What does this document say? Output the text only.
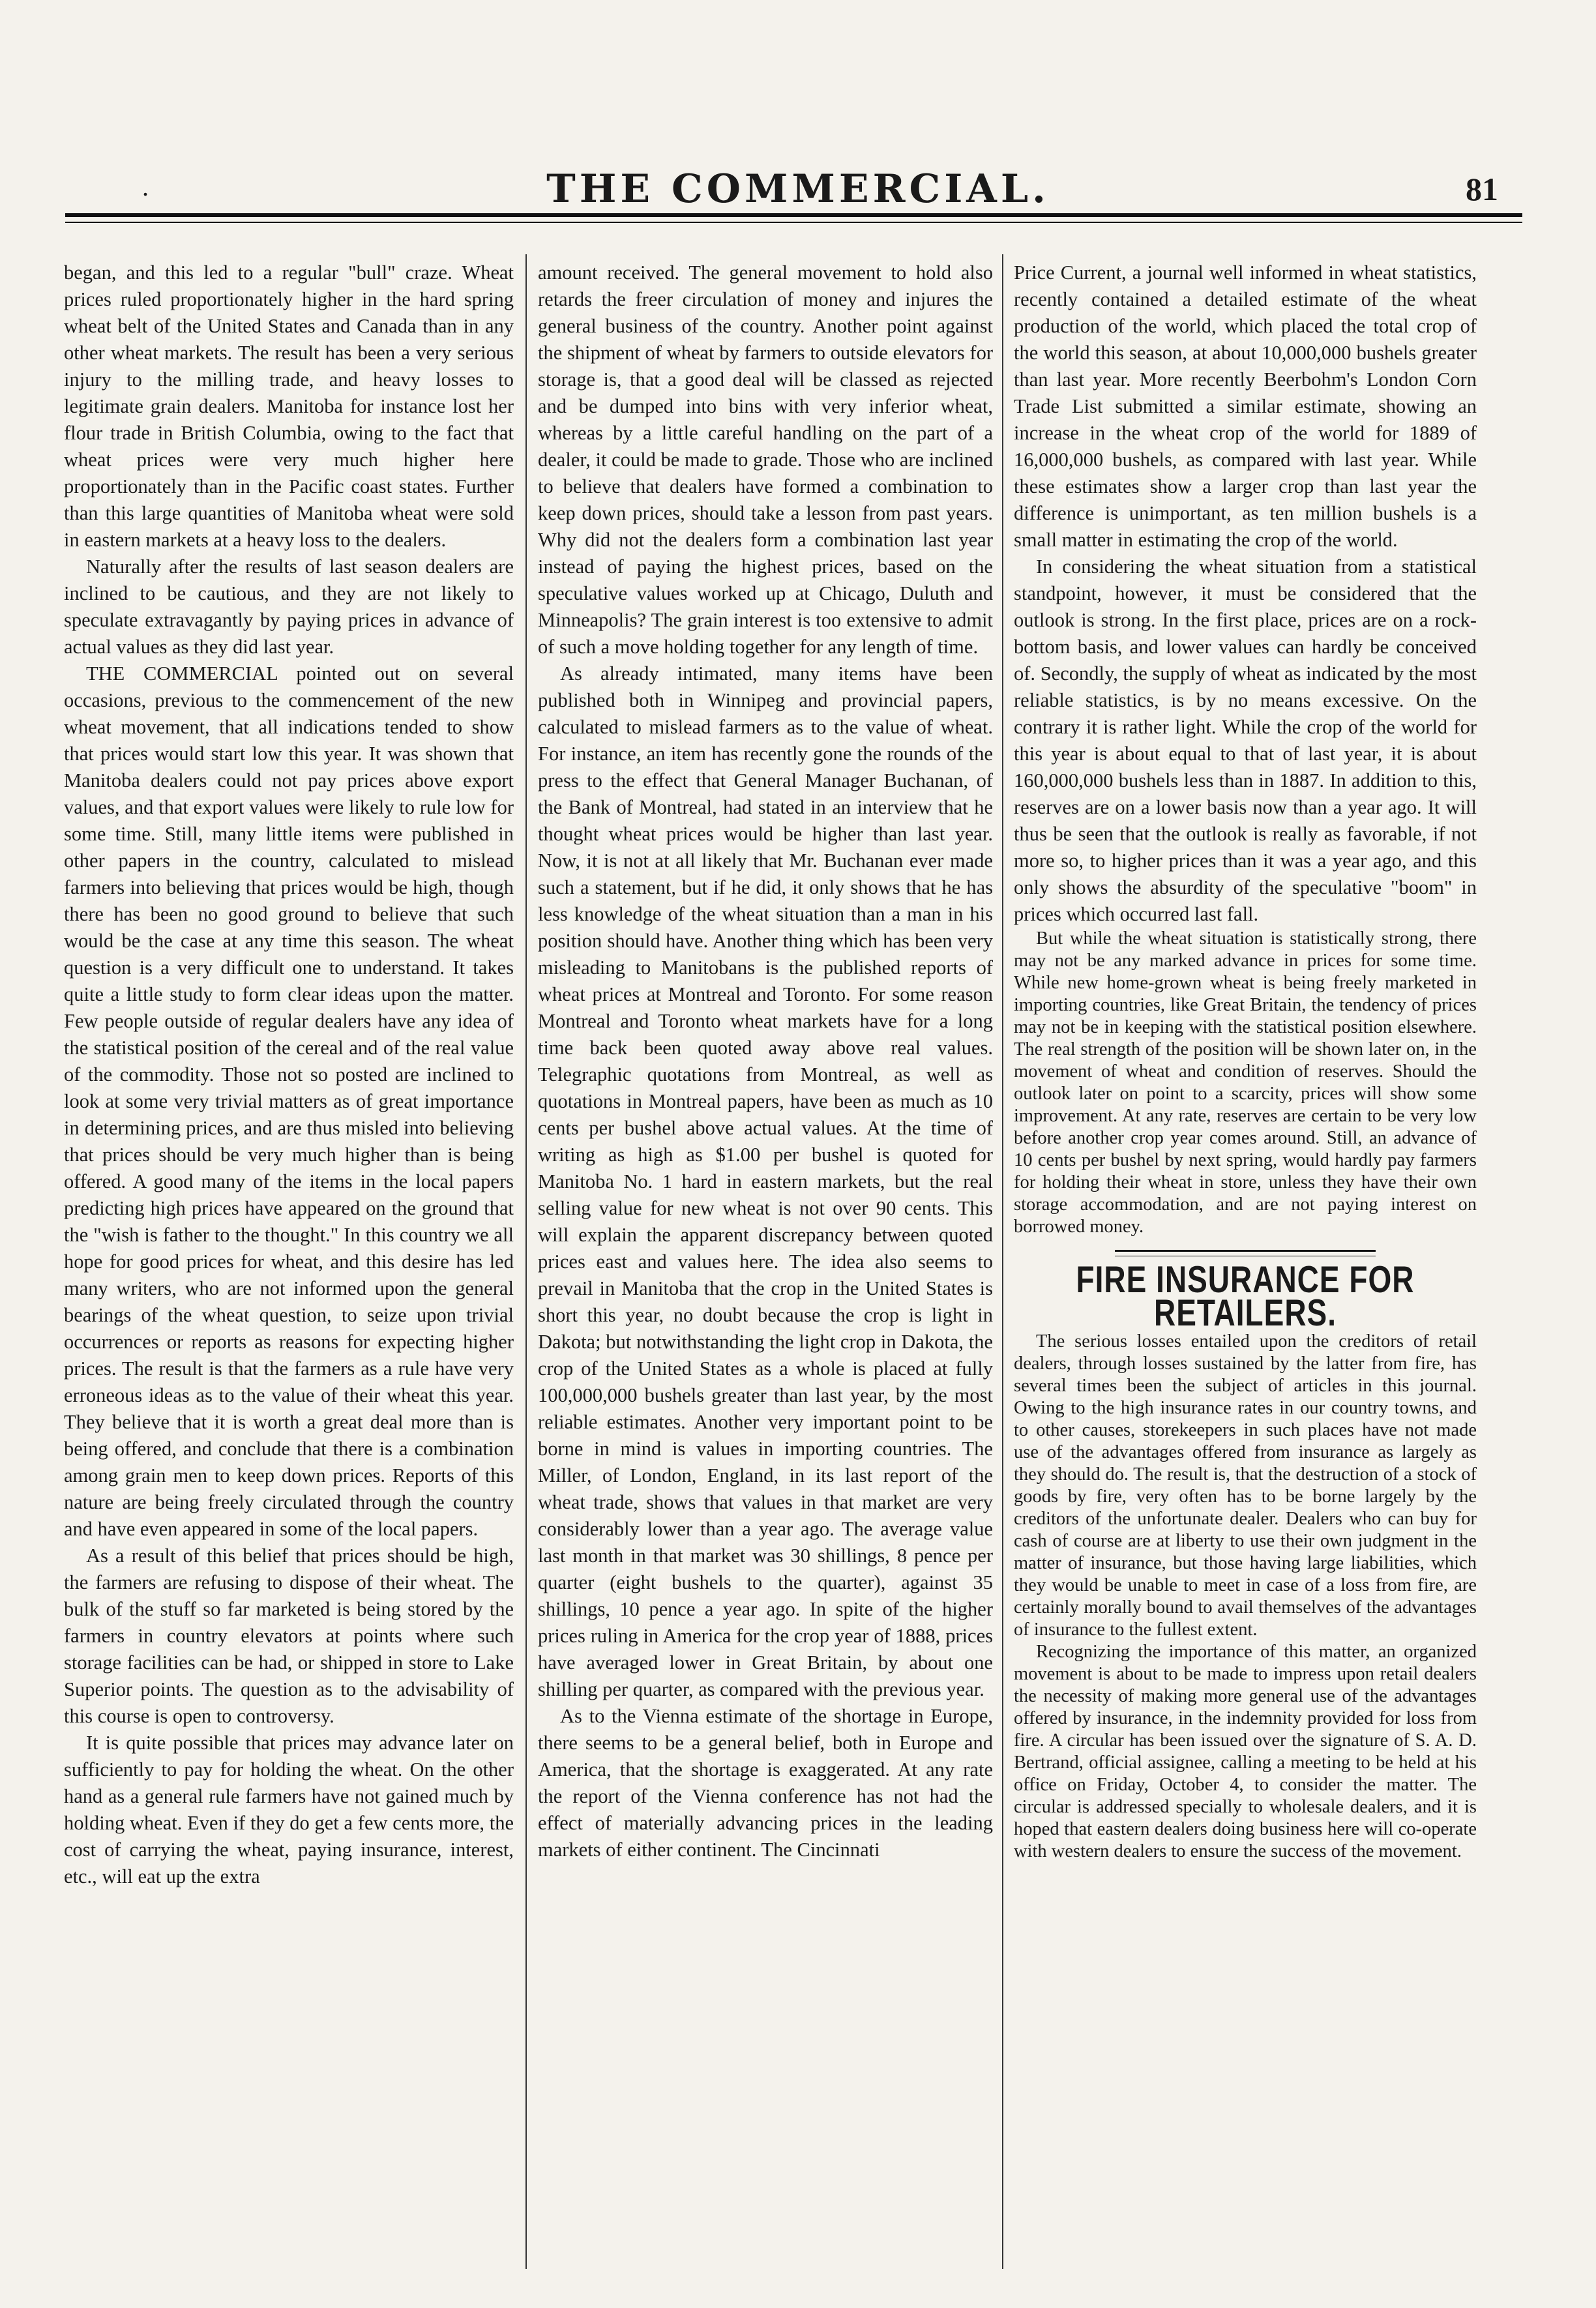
.	THE COMMERCIAL.	81

began, and this led to a regular "bull" craze. Wheat prices ruled proportionately higher in the hard spring wheat belt of the United States and Canada than in any other wheat markets. The result has been a very serious injury to the milling trade, and heavy losses to legitimate grain dealers. Manitoba for instance lost her flour trade in British Columbia, owing to the fact that wheat prices were very much higher here proportionately than in the Pacific coast states. Further than this large quantities of Manitoba wheat were sold in eastern markets at a heavy loss to the dealers.

Naturally after the results of last season dealers are inclined to be cautious, and they are not likely to speculate extravagantly by paying prices in advance of actual values as they did last year.

THE COMMERCIAL pointed out on several occasions, previous to the commencement of the new wheat movement, that all indications tended to show that prices would start low this year. It was shown that Manitoba dealers could not pay prices above export values, and that export values were likely to rule low for some time. Still, many little items were published in other papers in the country, calculated to mislead farmers into believing that prices would be high, though there has been no good ground to believe that such would be the case at any time this season. The wheat question is a very difficult one to understand. It takes quite a little study to form clear ideas upon the matter. Few people outside of regular dealers have any idea of the statistical position of the cereal and of the real value of the commodity. Those not so posted are inclined to look at some very trivial matters as of great importance in determining prices, and are thus misled into believing that prices should be very much higher than is being offered. A good many of the items in the local papers predicting high prices have appeared on the ground that the "wish is father to the thought." In this country we all hope for good prices for wheat, and this desire has led many writers, who are not informed upon the general bearings of the wheat question, to seize upon trivial occurrences or reports as reasons for expecting higher prices. The result is that the farmers as a rule have very erroneous ideas as to the value of their wheat this year. They believe that it is worth a great deal more than is being offered, and conclude that there is a combination among grain men to keep down prices. Reports of this nature are being freely circulated through the country and have even appeared in some of the local papers.

As a result of this belief that prices should be high, the farmers are refusing to dispose of their wheat. The bulk of the stuff so far marketed is being stored by the farmers in country elevators at points where such storage facilities can be had, or shipped in store to Lake Superior points. The question as to the advisability of this course is open to controversy.

It is quite possible that prices may advance later on sufficiently to pay for holding the wheat. On the other hand as a general rule farmers have not gained much by holding wheat. Even if they do get a few cents more, the cost of carrying the wheat, paying insurance, interest, etc., will eat up the extra

amount received. The general movement to hold also retards the freer circulation of money and injures the general business of the country. Another point against the shipment of wheat by farmers to outside elevators for storage is, that a good deal will be classed as rejected and be dumped into bins with very inferior wheat, whereas by a little careful handling on the part of a dealer, it could be made to grade. Those who are inclined to believe that dealers have formed a combination to keep down prices, should take a lesson from past years. Why did not the dealers form a combination last year instead of paying the highest prices, based on the speculative values worked up at Chicago, Duluth and Minneapolis? The grain interest is too extensive to admit of such a move holding together for any length of time.

As already intimated, many items have been published both in Winnipeg and provincial papers, calculated to mislead farmers as to the value of wheat. For instance, an item has recently gone the rounds of the press to the effect that General Manager Buchanan, of the Bank of Montreal, had stated in an interview that he thought wheat prices would be higher than last year. Now, it is not at all likely that Mr. Buchanan ever made such a statement, but if he did, it only shows that he has less knowledge of the wheat situation than a man in his position should have. Another thing which has been very misleading to Manitobans is the published reports of wheat prices at Montreal and Toronto. For some reason Montreal and Toronto wheat markets have for a long time back been quoted away above real values. Telegraphic quotations from Montreal, as well as quotations in Montreal papers, have been as much as 10 cents per bushel above actual values. At the time of writing as high as $1.00 per bushel is quoted for Manitoba No. 1 hard in eastern markets, but the real selling value for new wheat is not over 90 cents. This will explain the apparent discrepancy between quoted prices east and values here. The idea also seems to prevail in Manitoba that the crop in the United States is short this year, no doubt because the crop is light in Dakota; but notwithstanding the light crop in Dakota, the crop of the United States as a whole is placed at fully 100,000,000 bushels greater than last year, by the most reliable estimates. Another very important point to be borne in mind is values in importing countries. The Miller, of London, England, in its last report of the wheat trade, shows that values in that market are very considerably lower than a year ago. The average value last month in that market was 30 shillings, 8 pence per quarter (eight bushels to the quarter), against 35 shillings, 10 pence a year ago. In spite of the higher prices ruling in America for the crop year of 1888, prices have averaged lower in Great Britain, by about one shilling per quarter, as compared with the previous year.

As to the Vienna estimate of the shortage in Europe, there seems to be a general belief, both in Europe and America, that the shortage is exaggerated. At any rate the report of the Vienna conference has not had the effect of materially advancing prices in the leading markets of either continent. The Cincinnati

Price Current, a journal well informed in wheat statistics, recently contained a detailed estimate of the wheat production of the world, which placed the total crop of the world this season, at about 10,000,000 bushels greater than last year. More recently Beerbohm's London Corn Trade List submitted a similar estimate, showing an increase in the wheat crop of the world for 1889 of 16,000,000 bushels, as compared with last year. While these estimates show a larger crop than last year the difference is unimportant, as ten million bushels is a small matter in estimating the crop of the world.

In considering the wheat situation from a statistical standpoint, however, it must be considered that the outlook is strong. In the first place, prices are on a rock-bottom basis, and lower values can hardly be conceived of. Secondly, the supply of wheat as indicated by the most reliable statistics, is by no means excessive. On the contrary it is rather light. While the crop of the world for this year is about equal to that of last year, it is about 160,000,000 bushels less than in 1887. In addition to this, reserves are on a lower basis now than a year ago. It will thus be seen that the outlook is really as favorable, if not more so, to higher prices than it was a year ago, and this only shows the absurdity of the speculative "boom" in prices which occurred last fall.

But while the wheat situation is statistically strong, there may not be any marked advance in prices for some time. While new home-grown wheat is being freely marketed in importing countries, like Great Britain, the tendency of prices may not be in keeping with the statistical position elsewhere. The real strength of the position will be shown later on, in the movement of wheat and condition of reserves. Should the outlook later on point to a scarcity, prices will show some improvement. At any rate, reserves are certain to be very low before another crop year comes around. Still, an advance of 10 cents per bushel by next spring, would hardly pay farmers for holding their wheat in store, unless they have their own storage accommodation, and are not paying interest on borrowed money.

FIRE INSURANCE FOR RETAILERS.

The serious losses entailed upon the creditors of retail dealers, through losses sustained by the latter from fire, has several times been the subject of articles in this journal. Owing to the high insurance rates in our country towns, and to other causes, storekeepers in such places have not made use of the advantages offered from insurance as largely as they should do. The result is, that the destruction of a stock of goods by fire, very often has to be borne largely by the creditors of the unfortunate dealer. Dealers who can buy for cash of course are at liberty to use their own judgment in the matter of insurance, but those having large liabilities, which they would be unable to meet in case of a loss from fire, are certainly morally bound to avail themselves of the advantages of insurance to the fullest extent.

Recognizing the importance of this matter, an organized movement is about to be made to impress upon retail dealers the necessity of making more general use of the advantages offered by insurance, in the indemnity provided for loss from fire. A circular has been issued over the signature of S. A. D. Bertrand, official assignee, calling a meeting to be held at his office on Friday, October 4, to consider the matter. The circular is addressed specially to wholesale dealers, and it is hoped that eastern dealers doing business here will co-operate with western dealers to ensure the success of the movement.
